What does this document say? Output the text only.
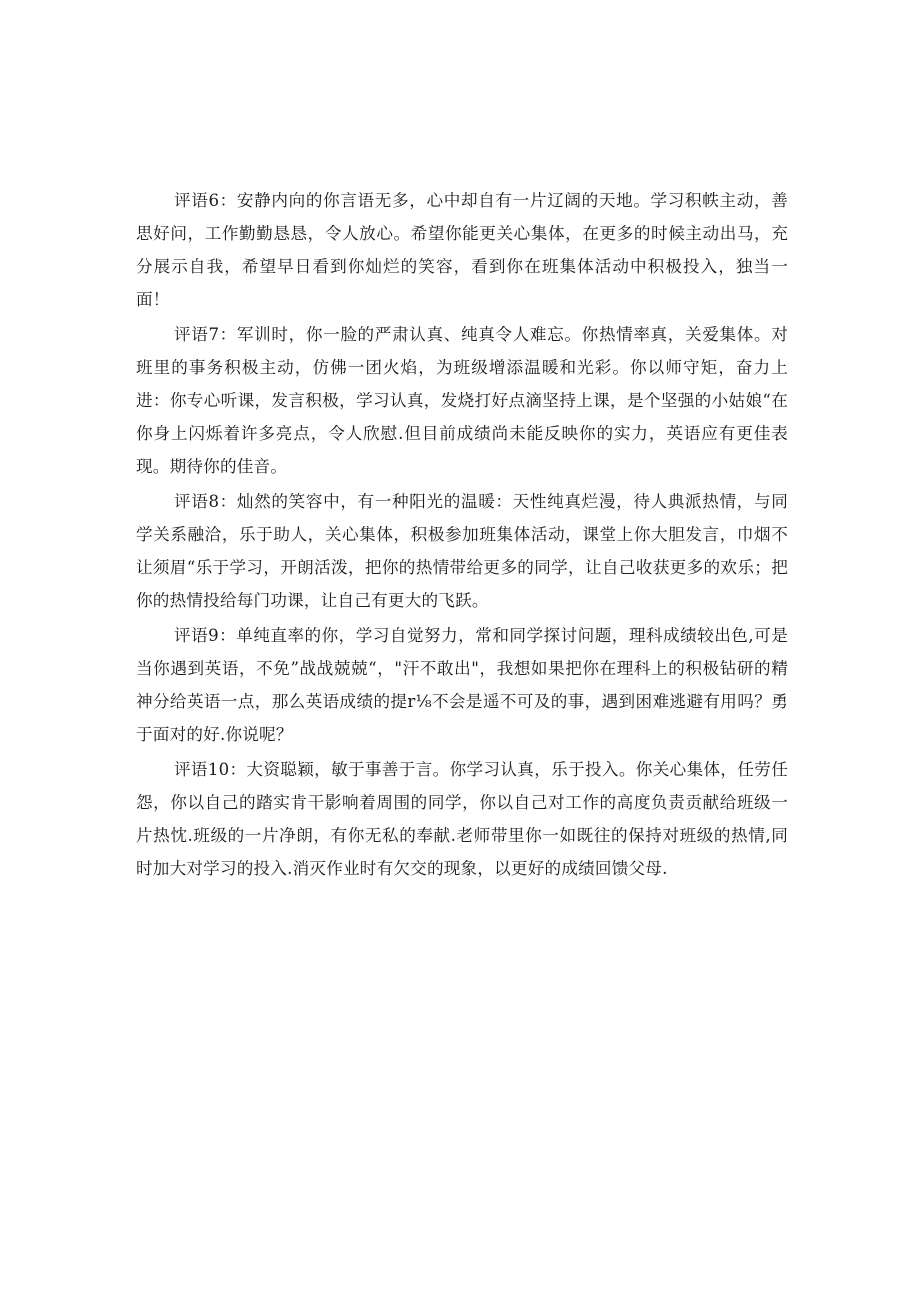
评语6：安静内向的你言语无多，心中却自有一片辽阔的天地。学习积帙主动，善思好问，工作勤勤恳恳，令人放心。希望你能更关心集体，在更多的时候主动出马，充分展示自我，希望早日看到你灿烂的笑容，看到你在班集体活动中积极投入，独当一面！

评语7：军训时，你一脸的严肃认真、纯真令人难忘。你热情率真，关爱集体。对班里的事务积极主动，仿佛一团火焰，为班级增添温暖和光彩。你以师守矩，奋力上进：你专心听课，发言积极，学习认真，发烧打好点滴坚持上课，是个坚强的小姑娘“在你身上闪烁着许多亮点，令人欣慰.但目前成绩尚未能反映你的实力，英语应有更佳表现。期待你的佳音。

评语8：灿然的笑容中，有一种阳光的温暖：天性纯真烂漫，待人典派热情，与同学关系融洽，乐于助人，关心集体，积极参加班集体活动，课堂上你大胆发言，巾烟不让须眉“乐于学习，开朗活泼，把你的热情带给更多的同学，让自己收获更多的欢乐；把你的热情投给每门功课，让自己有更大的飞跃。

评语9：单纯直率的你，学习自觉努力，常和同学探讨问题，理科成绩较出色,可是当你遇到英语，不免”战战兢兢“，"汗不敢出"，我想如果把你在理科上的积极钻研的精神分给英语一点，那么英语成绩的提r⅛不会是遥不可及的事，遇到困难逃避有用吗？勇于面对的好.你说呢？

评语10：大资聪颖，敏于事善于言。你学习认真，乐于投入。你关心集体，任劳任怨，你以自己的踏实肯干影响着周围的同学，你以自己对工作的高度负责贡献给班级一片热忱.班级的一片净朗，有你无私的奉献.老师带里你一如既往的保持对班级的热情,同时加大对学习的投入.消灭作业时有欠交的现象，以更好的成绩回馈父母.
